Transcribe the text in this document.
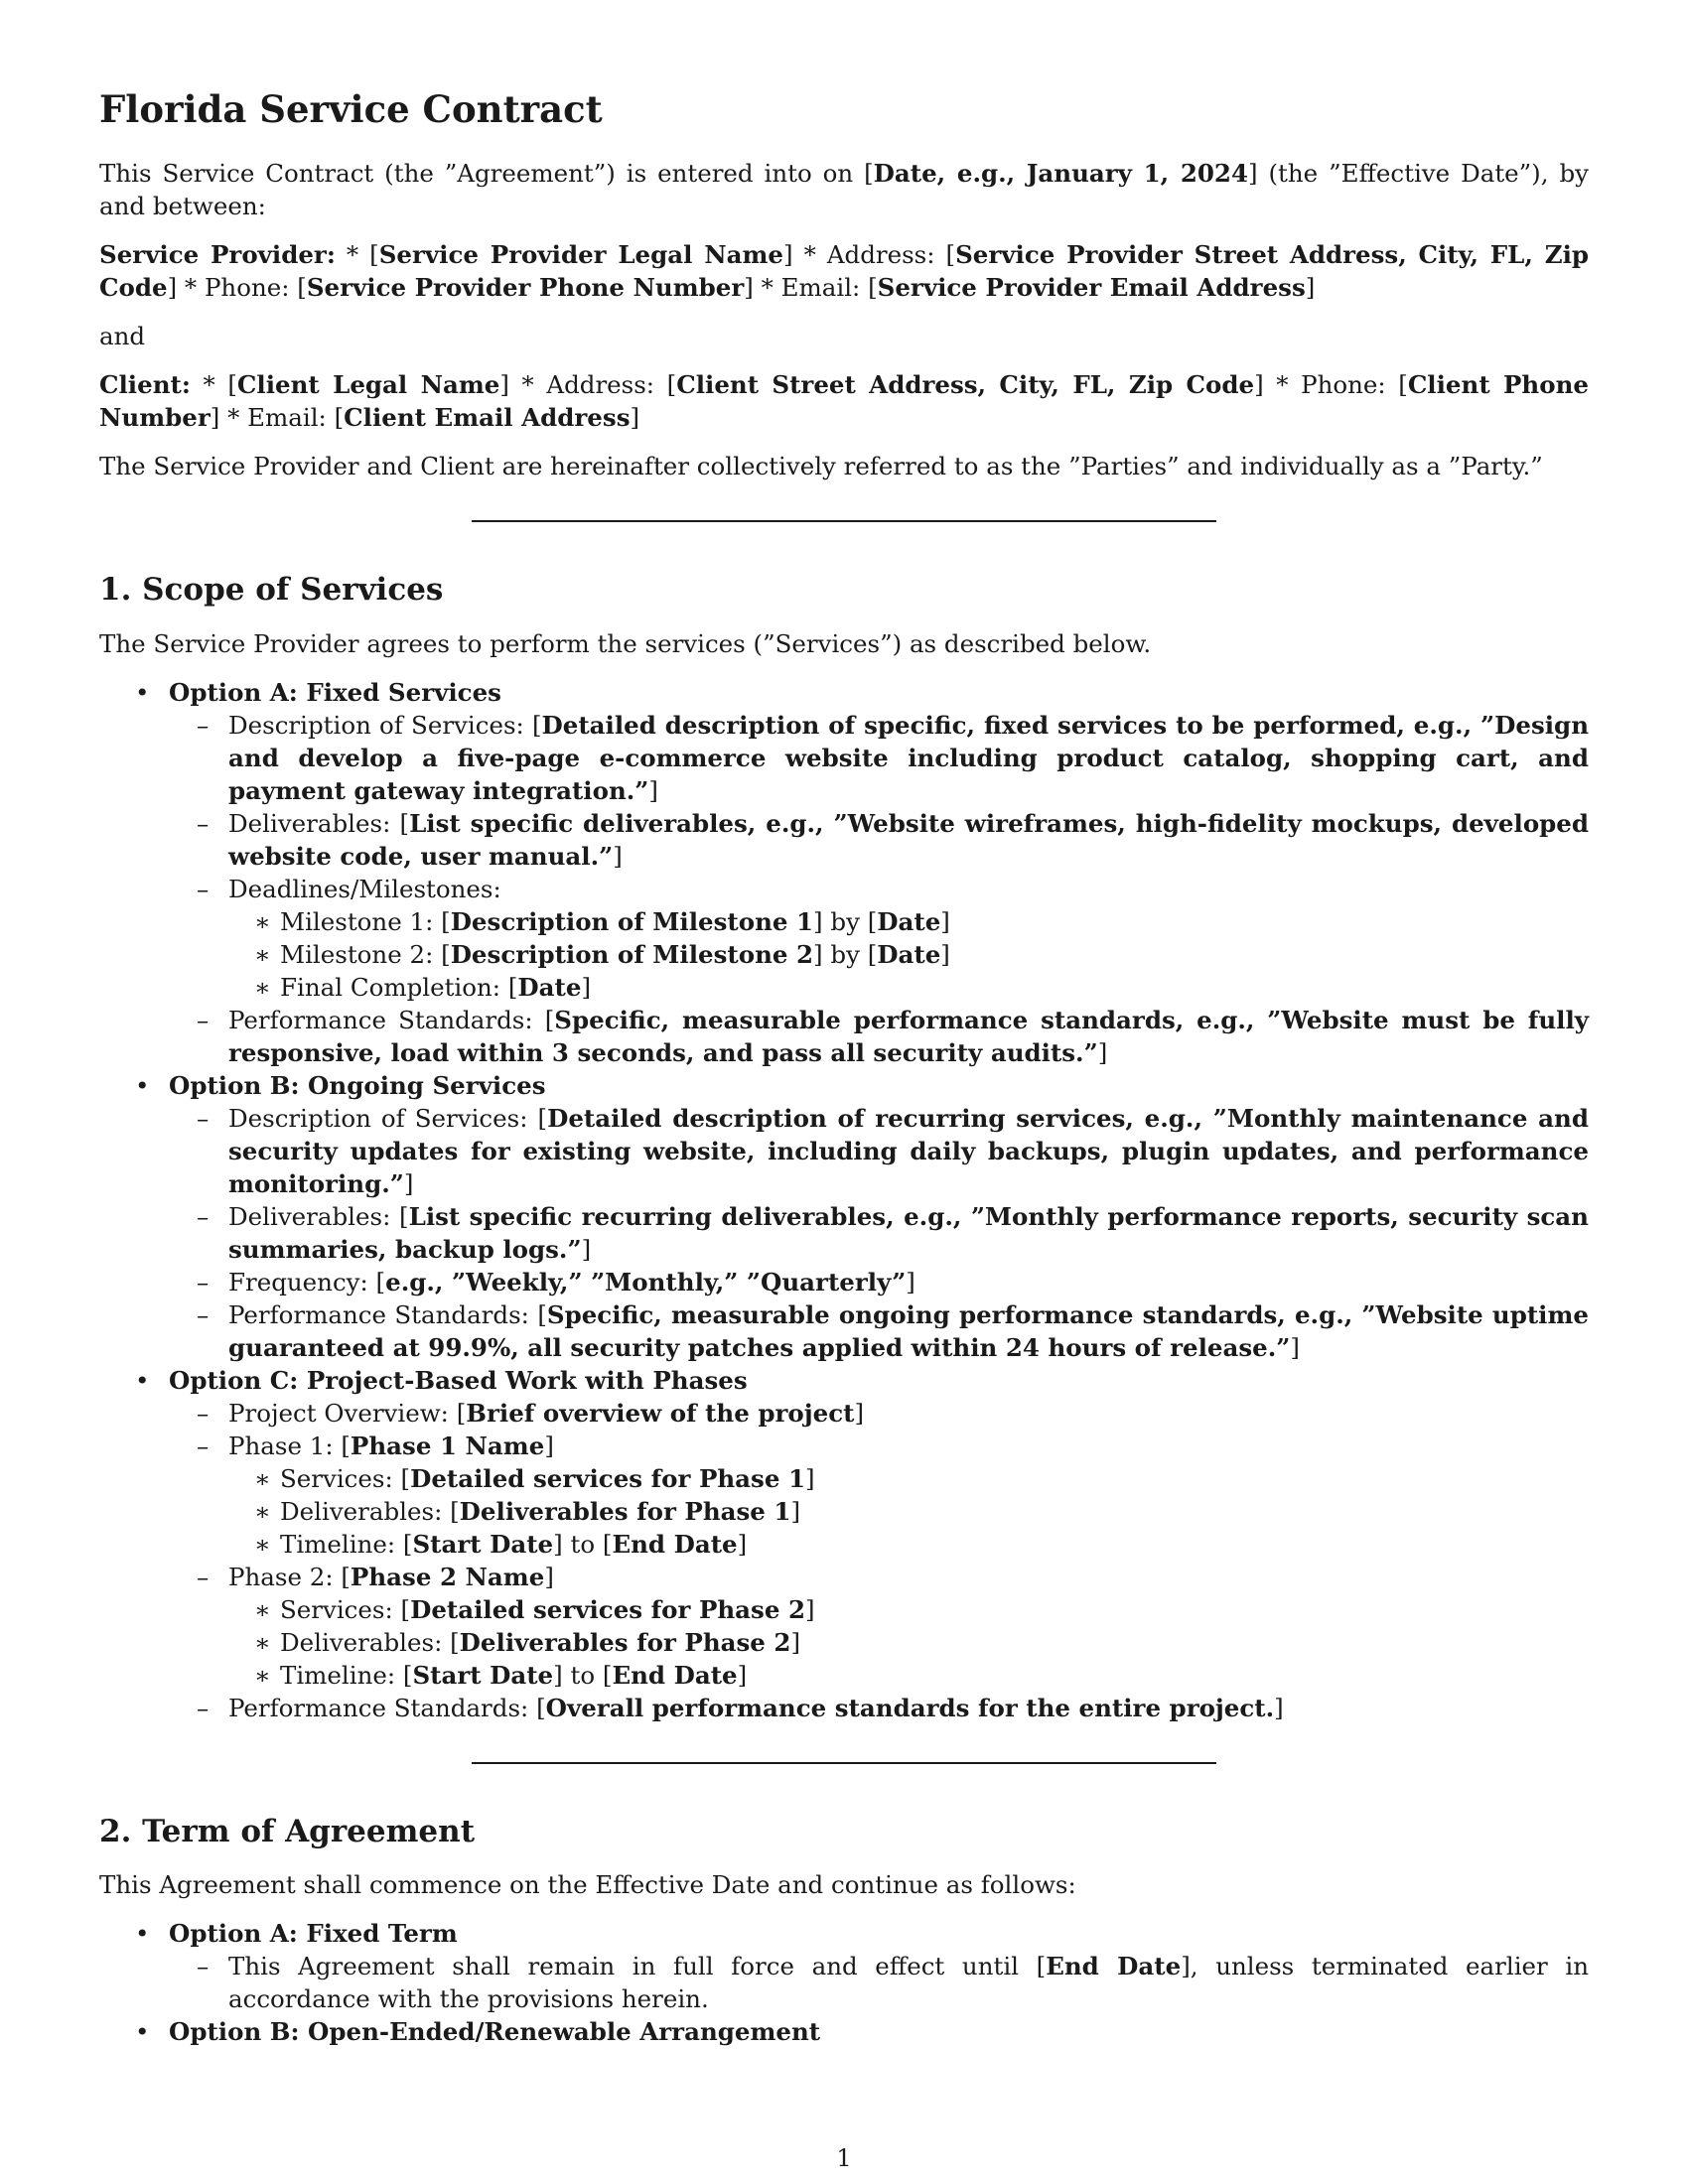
Florida Service Contract

This Service Contract (the ”Agreement”) is entered into on [Date, e.g., January 1, 2024] (the ”Effective Date”), by and between:

Service Provider: * [Service Provider Legal Name] * Address: [Service Provider Street Address, City, FL, Zip Code] * Phone: [Service Provider Phone Number] * Email: [Service Provider Email Address]

and

Client: * [Client Legal Name] * Address: [Client Street Address, City, FL, Zip Code] * Phone: [Client Phone Number] * Email: [Client Email Address]

The Service Provider and Client are hereinafter collectively referred to as the ”Parties” and individually as a ”Party.”

1. Scope of Services

The Service Provider agrees to perform the services (”Services”) as described below.

• Option A: Fixed Services
– Description of Services: [Detailed description of specific, fixed services to be performed, e.g., ”Design and develop a five-page e-commerce website including product catalog, shopping cart, and payment gateway integration.”]
– Deliverables: [List specific deliverables, e.g., ”Website wireframes, high-fidelity mockups, developed website code, user manual.”]
– Deadlines/Milestones:
∗ Milestone 1: [Description of Milestone 1] by [Date]
∗ Milestone 2: [Description of Milestone 2] by [Date]
∗ Final Completion: [Date]
– Performance Standards: [Specific, measurable performance standards, e.g., ”Website must be fully responsive, load within 3 seconds, and pass all security audits.”]
• Option B: Ongoing Services
– Description of Services: [Detailed description of recurring services, e.g., ”Monthly maintenance and security updates for existing website, including daily backups, plugin updates, and performance monitoring.”]
– Deliverables: [List specific recurring deliverables, e.g., ”Monthly performance reports, security scan summaries, backup logs.”]
– Frequency: [e.g., ”Weekly,” ”Monthly,” ”Quarterly”]
– Performance Standards: [Specific, measurable ongoing performance standards, e.g., ”Website uptime guaranteed at 99.9%, all security patches applied within 24 hours of release.”]
• Option C: Project-Based Work with Phases
– Project Overview: [Brief overview of the project]
– Phase 1: [Phase 1 Name]
∗ Services: [Detailed services for Phase 1]
∗ Deliverables: [Deliverables for Phase 1]
∗ Timeline: [Start Date] to [End Date]
– Phase 2: [Phase 2 Name]
∗ Services: [Detailed services for Phase 2]
∗ Deliverables: [Deliverables for Phase 2]
∗ Timeline: [Start Date] to [End Date]
– Performance Standards: [Overall performance standards for the entire project.]
2. Term of Agreement

This Agreement shall commence on the Effective Date and continue as follows:

• Option A: Fixed Term
– This Agreement shall remain in full force and effect until [End Date], unless terminated earlier in accordance with the provisions herein.
• Option B: Open-Ended/Renewable Arrangement
1
